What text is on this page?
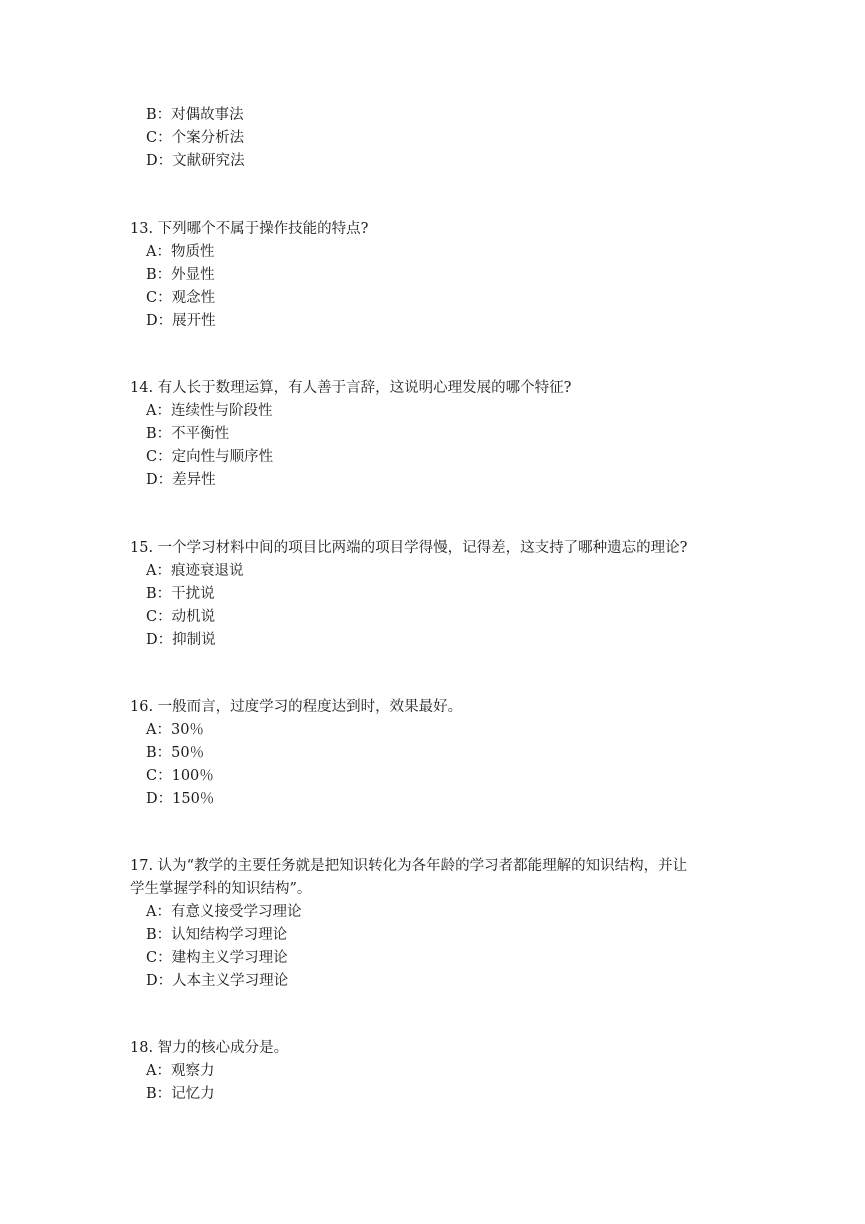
B：对偶故事法
C：个案分析法
D：文献研究法
13. 下列哪个不属于操作技能的特点?
A：物质性
B：外显性
C：观念性
D：展开性
14. 有人长于数理运算，有人善于言辞，这说明心理发展的哪个特征?
A：连续性与阶段性
B：不平衡性
C：定向性与顺序性
D：差异性
15. 一个学习材料中间的项目比两端的项目学得慢，记得差，这支持了哪种遗忘的理论?
A：痕迹衰退说
B：干扰说
C：动机说
D：抑制说
16. 一般而言，过度学习的程度达到时，效果最好。
A：30％
B：50％
C：100％
D：150％
17. 认为“教学的主要任务就是把知识转化为各年龄的学习者都能理解的知识结构，并让
学生掌握学科的知识结构”。
A：有意义接受学习理论
B：认知结构学习理论
C：建构主义学习理论
D：人本主义学习理论
18. 智力的核心成分是。
A：观察力
B：记忆力
